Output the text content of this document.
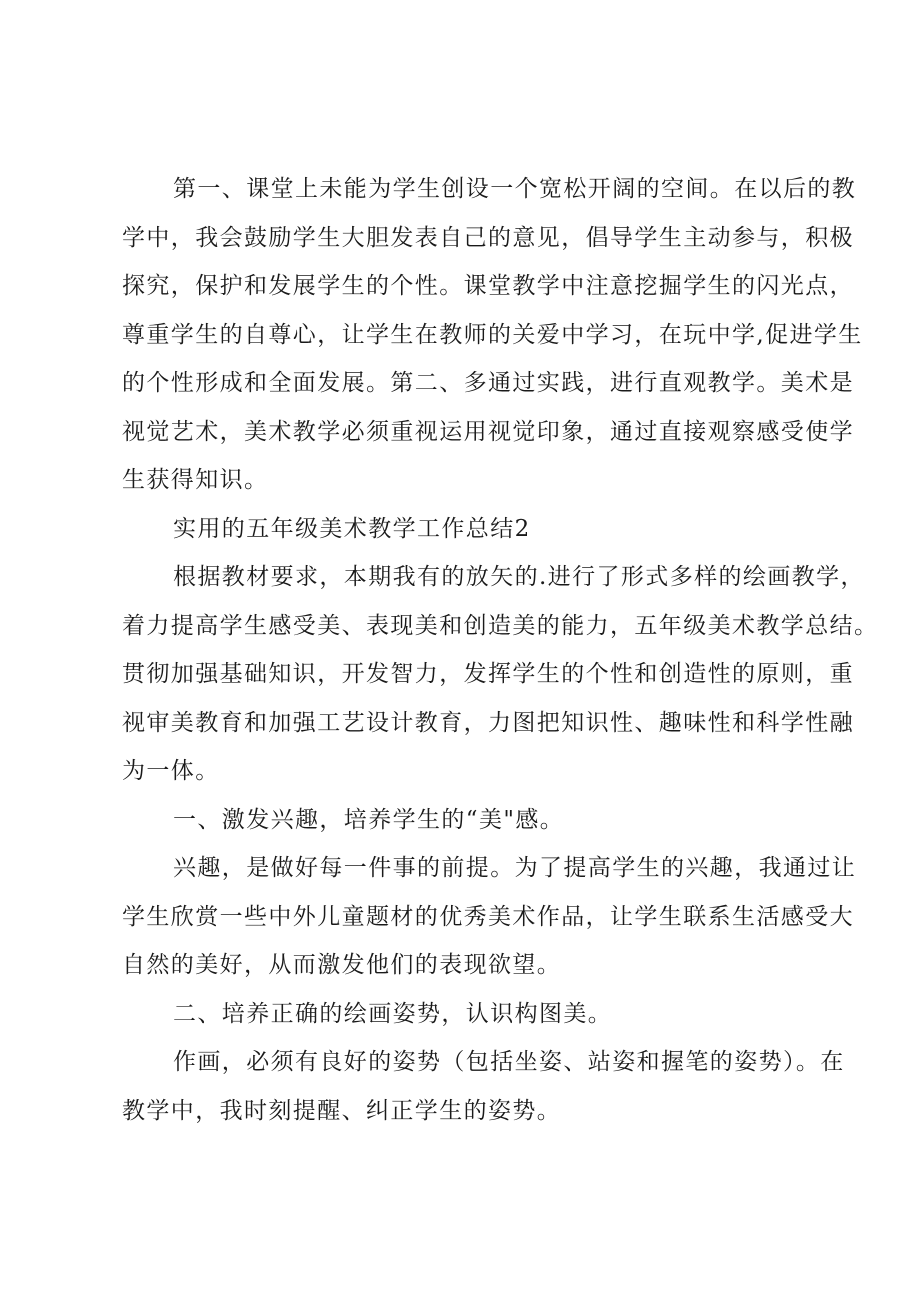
第一、课堂上未能为学生创设一个宽松开阔的空间。在以后的教
学中，我会鼓励学生大胆发表自己的意见，倡导学生主动参与，积极
探究，保护和发展学生的个性。课堂教学中注意挖掘学生的闪光点，
尊重学生的自尊心，让学生在教师的关爱中学习，在玩中学,促进学生
的个性形成和全面发展。第二、多通过实践，进行直观教学。美术是
视觉艺术，美术教学必须重视运用视觉印象，通过直接观察感受使学
生获得知识。
实用的五年级美术教学工作总结2
根据教材要求，本期我有的放矢的.进行了形式多样的绘画教学，
着力提高学生感受美、表现美和创造美的能力，五年级美术教学总结。
贯彻加强基础知识，开发智力，发挥学生的个性和创造性的原则，重
视审美教育和加强工艺设计教育，力图把知识性、趣味性和科学性融
为一体。
一、激发兴趣，培养学生的“美"感。
兴趣，是做好每一件事的前提。为了提高学生的兴趣，我通过让
学生欣赏一些中外儿童题材的优秀美术作品，让学生联系生活感受大
自然的美好，从而激发他们的表现欲望。
二、培养正确的绘画姿势，认识构图美。
作画，必须有良好的姿势（包括坐姿、站姿和握笔的姿势）。在
教学中，我时刻提醒、纠正学生的姿势。
